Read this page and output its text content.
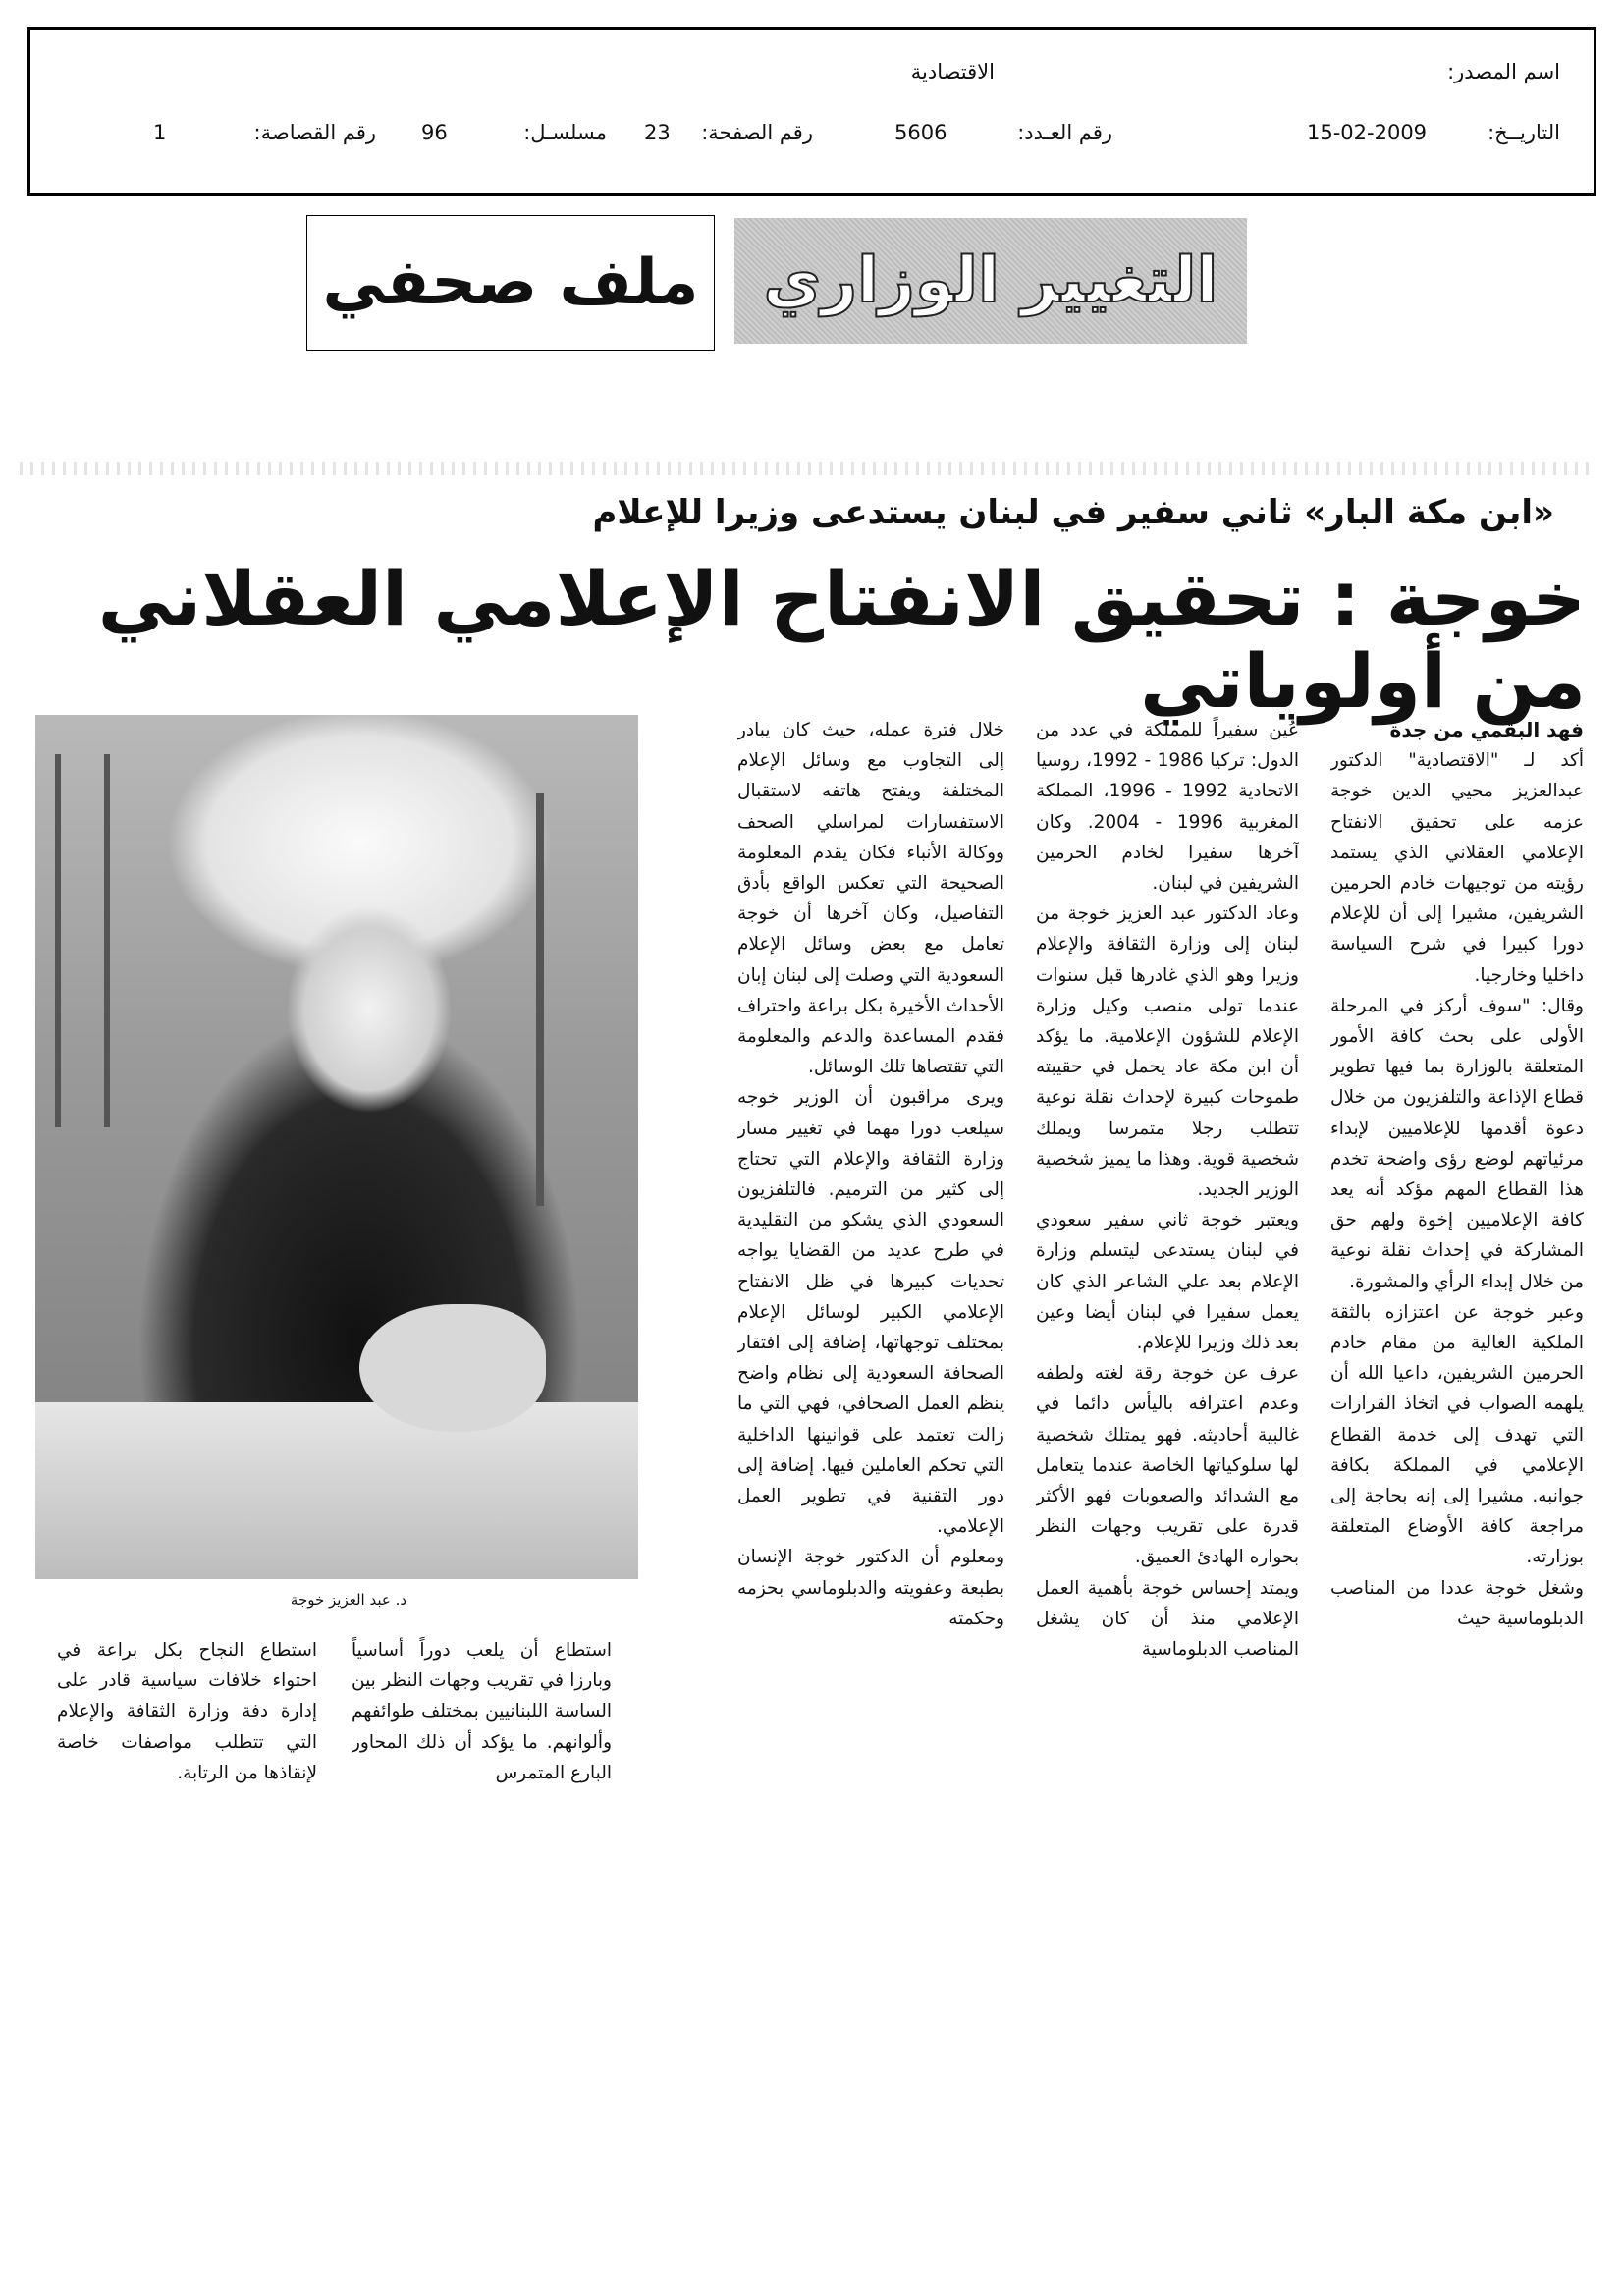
اسم المصدر:
الاقتصادية
التاريــخ:
15-02-2009
رقم العـدد:
5606
رقم الصفحة:
23
مسلسـل:
96
رقم القصاصة:
1
التغيير الوزاري
ملف صحفي
«ابن مكة البار» ثاني سفير في لبنان يستدعى وزيرا للإعلام
خوجة : تحقيق الانفتاح الإعلامي العقلاني من أولوياتي

فهد البقمي من جدة

أكد لـ "الاقتصادية" الدكتور عبدالعزيز محيي الدين خوجة عزمه على تحقيق الانفتاح الإعلامي العقلاني الذي يستمد رؤيته من توجيهات خادم الحرمين الشريفين، مشيرا إلى أن للإعلام دورا كبيرا في شرح السياسة داخليا وخارجيا.

وقال: "سوف أركز في المرحلة الأولى على بحث كافة الأمور المتعلقة بالوزارة بما فيها تطوير قطاع الإذاعة والتلفزيون من خلال دعوة أقدمها للإعلاميين لإبداء مرئياتهم لوضع رؤى واضحة تخدم هذا القطاع المهم مؤكد أنه يعد كافة الإعلاميين إخوة ولهم حق المشاركة في إحداث نقلة نوعية من خلال إبداء الرأي والمشورة.

وعبر خوجة عن اعتزازه بالثقة الملكية الغالية من مقام خادم الحرمين الشريفين، داعيا الله أن يلهمه الصواب في اتخاذ القرارات التي تهدف إلى خدمة القطاع الإعلامي في المملكة بكافة جوانبه. مشيرا إلى إنه بحاجة إلى مراجعة كافة الأوضاع المتعلقة بوزارته.

وشغل خوجة عددا من المناصب الدبلوماسية حيث

عُين سفيراً للمملكة في عدد من الدول: تركيا 1986 - 1992، روسيا الاتحادية 1992 - 1996، المملكة المغربية 1996 - 2004. وكان آخرها سفيرا لخادم الحرمين الشريفين في لبنان.

وعاد الدكتور عبد العزيز خوجة من لبنان إلى وزارة الثقافة والإعلام وزيرا وهو الذي غادرها قبل سنوات عندما تولى منصب وكيل وزارة الإعلام للشؤون الإعلامية. ما يؤكد أن ابن مكة عاد يحمل في حقيبته طموحات كبيرة لإحداث نقلة نوعية تتطلب رجلا متمرسا ويملك شخصية قوية. وهذا ما يميز شخصية الوزير الجديد.

ويعتبر خوجة ثاني سفير سعودي في لبنان يستدعى ليتسلم وزارة الإعلام بعد علي الشاعر الذي كان يعمل سفيرا في لبنان أيضا وعين بعد ذلك وزيرا للإعلام.

عرف عن خوجة رقة لغته ولطفه وعدم اعترافه باليأس دائما في غالبية أحاديثه. فهو يمتلك شخصية لها سلوكياتها الخاصة عندما يتعامل مع الشدائد والصعوبات فهو الأكثر قدرة على تقريب وجهات النظر بحواره الهادئ العميق.

ويمتد إحساس خوجة بأهمية العمل الإعلامي منذ أن كان يشغل المناصب الدبلوماسية

خلال فترة عمله، حيث كان يبادر إلى التجاوب مع وسائل الإعلام المختلفة ويفتح هاتفه لاستقبال الاستفسارات لمراسلي الصحف ووكالة الأنباء فكان يقدم المعلومة الصحيحة التي تعكس الواقع بأدق التفاصيل، وكان آخرها أن خوجة تعامل مع بعض وسائل الإعلام السعودية التي وصلت إلى لبنان إبان الأحداث الأخيرة بكل براعة واحتراف فقدم المساعدة والدعم والمعلومة التي تقتصاها تلك الوسائل.

ويرى مراقبون أن الوزير خوجه سيلعب دورا مهما في تغيير مسار وزارة الثقافة والإعلام التي تحتاج إلى كثير من الترميم. فالتلفزيون السعودي الذي يشكو من التقليدية في طرح عديد من القضايا يواجه تحديات كبيرها في ظل الانفتاح الإعلامي الكبير لوسائل الإعلام بمختلف توجهاتها، إضافة إلى افتقار الصحافة السعودية إلى نظام واضح ينظم العمل الصحافي، فهي التي ما زالت تعتمد على قوانينها الداخلية التي تحكم العاملين فيها. إضافة إلى دور التقنية في تطوير العمل الإعلامي.

ومعلوم أن الدكتور خوجة الإنسان بطبعة وعفويته والدبلوماسي بحزمه وحكمته

د. عبد العزيز خوجة

استطاع أن يلعب دوراً أساسياً وبارزا في تقريب وجهات النظر بين الساسة اللبنانيين بمختلف طوائفهم وألوانهم. ما يؤكد أن ذلك المحاور البارع المتمرس

استطاع النجاح بكل براعة في احتواء خلافات سياسية قادر على إدارة دفة وزارة الثقافة والإعلام التي تتطلب مواصفات خاصة لإنقاذها من الرتابة.
